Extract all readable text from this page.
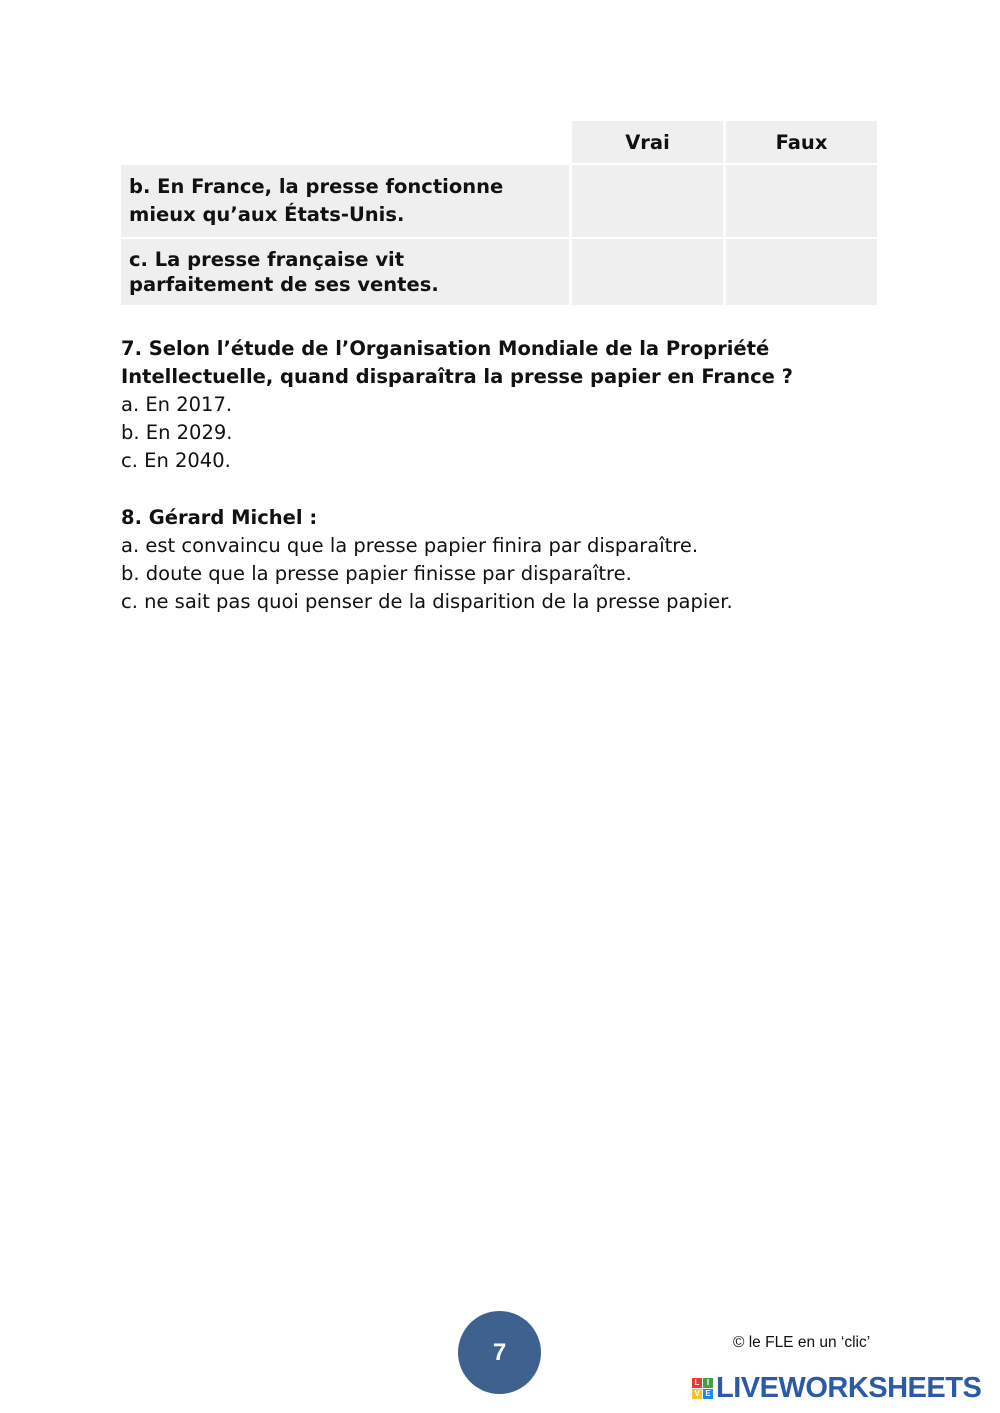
	Vrai	Faux

b. En France, la presse fonctionne
mieux qu’aux États-Unis.		

c. La presse française vit
parfaitement de ses ventes.		

7. Selon l’étude de l’Organisation Mondiale de la Propriété
Intellectuelle, quand disparaîtra la presse papier en France ?
a. En 2017.
b. En 2029.
c. En 2040.
8. Gérard Michel :
a. est convaincu que la presse papier finira par disparaître.
b. doute que la presse papier finisse par disparaître.
c. ne sait pas quoi penser de la disparition de la presse papier.
7	© le FLE en un ‘clic’
L I
V E LIVEWORKSHEETS
